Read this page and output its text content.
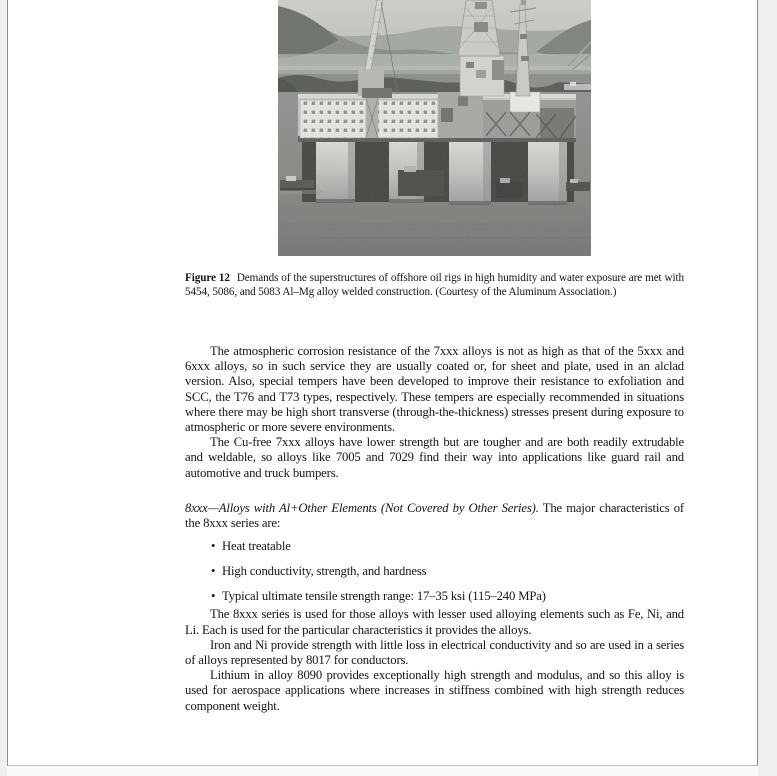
Figure 12 Demands of the superstructures of offshore oil rigs in high humidity and water exposure are met with 5454, 5086, and 5083 Al–Mg alloy welded construction. (Courtesy of the Aluminum Association.)

The atmospheric corrosion resistance of the 7xxx alloys is not as high as that of the 5xxx and 6xxx alloys, so in such service they are usually coated or, for sheet and plate, used in an alclad version. Also, special tempers have been developed to improve their resistance to exfoliation and SCC, the T76 and T73 types, respectively. These tempers are especially recommended in situations where there may be high short transverse (through-the-thickness) stresses present during exposure to atmospheric or more severe environments.

The Cu-free 7xxx alloys have lower strength but are tougher and are both readily extrudable and weldable, so alloys like 7005 and 7029 find their way into applications like guard rail and automotive and truck bumpers.

8xxx—Alloys with Al+Other Elements (Not Covered by Other Series). The major characteristics of the 8xxx series are:

• Heat treatable
• High conductivity, strength, and hardness
• Typical ultimate tensile strength range: 17–35 ksi (115–240 MPa)

The 8xxx series is used for those alloys with lesser used alloying elements such as Fe, Ni, and Li. Each is used for the particular characteristics it provides the alloys.

Iron and Ni provide strength with little loss in electrical conductivity and so are used in a series of alloys represented by 8017 for conductors.

Lithium in alloy 8090 provides exceptionally high strength and modulus, and so this alloy is used for aerospace applications where increases in stiffness combined with high strength reduces component weight.
